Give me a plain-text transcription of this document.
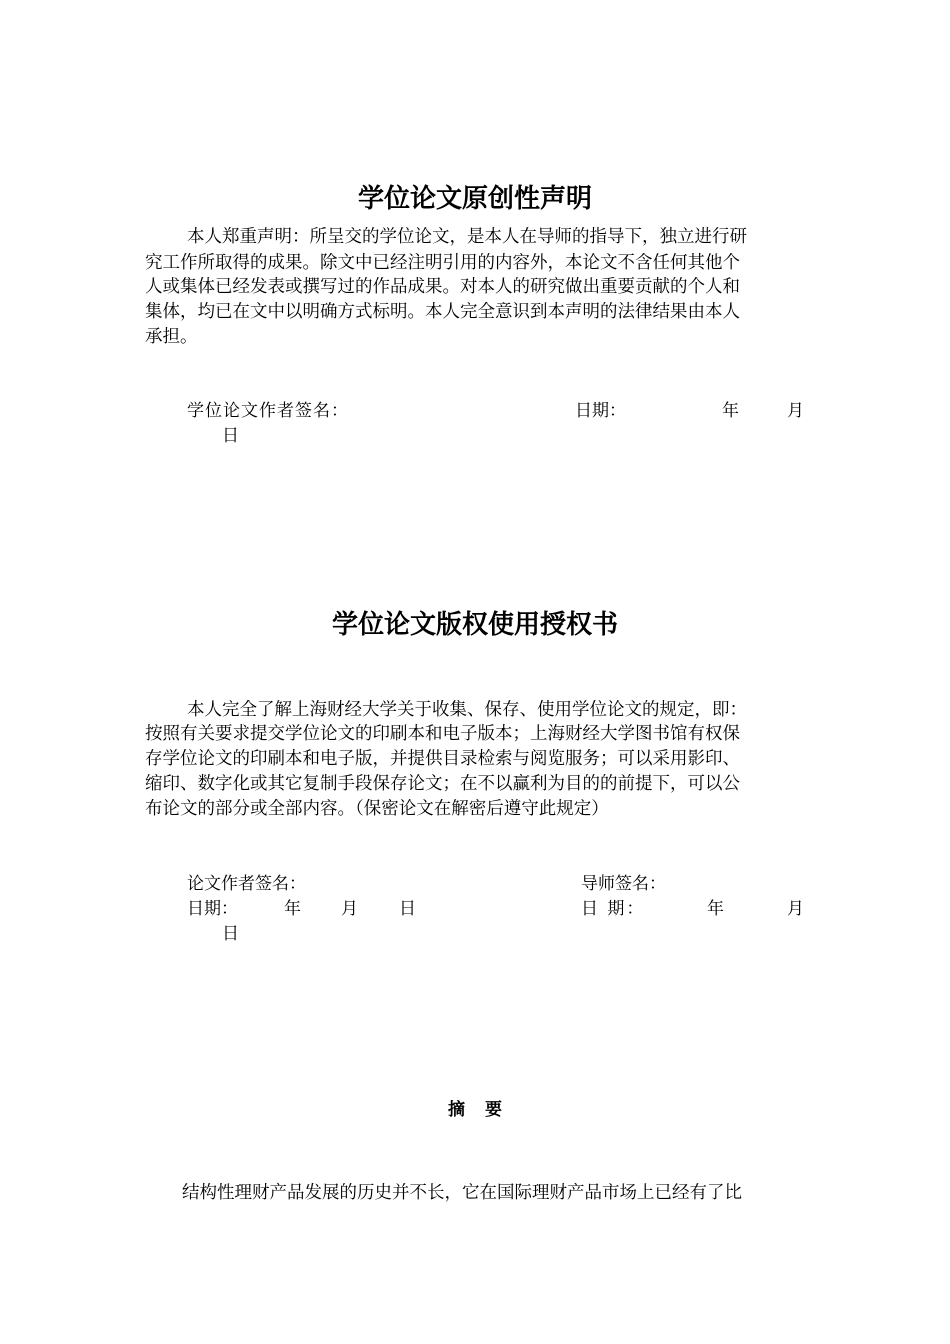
学位论文原创性声明
本人郑重声明：所呈交的学位论文，是本人在导师的指导下，独立进行研
究工作所取得的成果。除文中已经注明引用的内容外，本论文不含任何其他个
人或集体已经发表或撰写过的作品成果。对本人的研究做出重要贡献的个人和
集体，均已在文中以明确方式标明。本人完全意识到本声明的法律结果由本人
承担。
学位论文作者签名：	日期：	年	月
日
学位论文版权使用授权书
本人完全了解上海财经大学关于收集、保存、使用学位论文的规定，即：
按照有关要求提交学位论文的印刷本和电子版本；上海财经大学图书馆有权保
存学位论文的印刷本和电子版，并提供目录检索与阅览服务；可以采用影印、
缩印、数字化或其它复制手段保存论文；在不以赢利为目的的前提下，可以公
布论文的部分或全部内容。（保密论文在解密后遵守此规定）
论文作者签名：	导师签名：
日期：	年 月 日	日 期：	年	月
日
摘要
结构性理财产品发展的历史并不长，它在国际理财产品市场上已经有了比
